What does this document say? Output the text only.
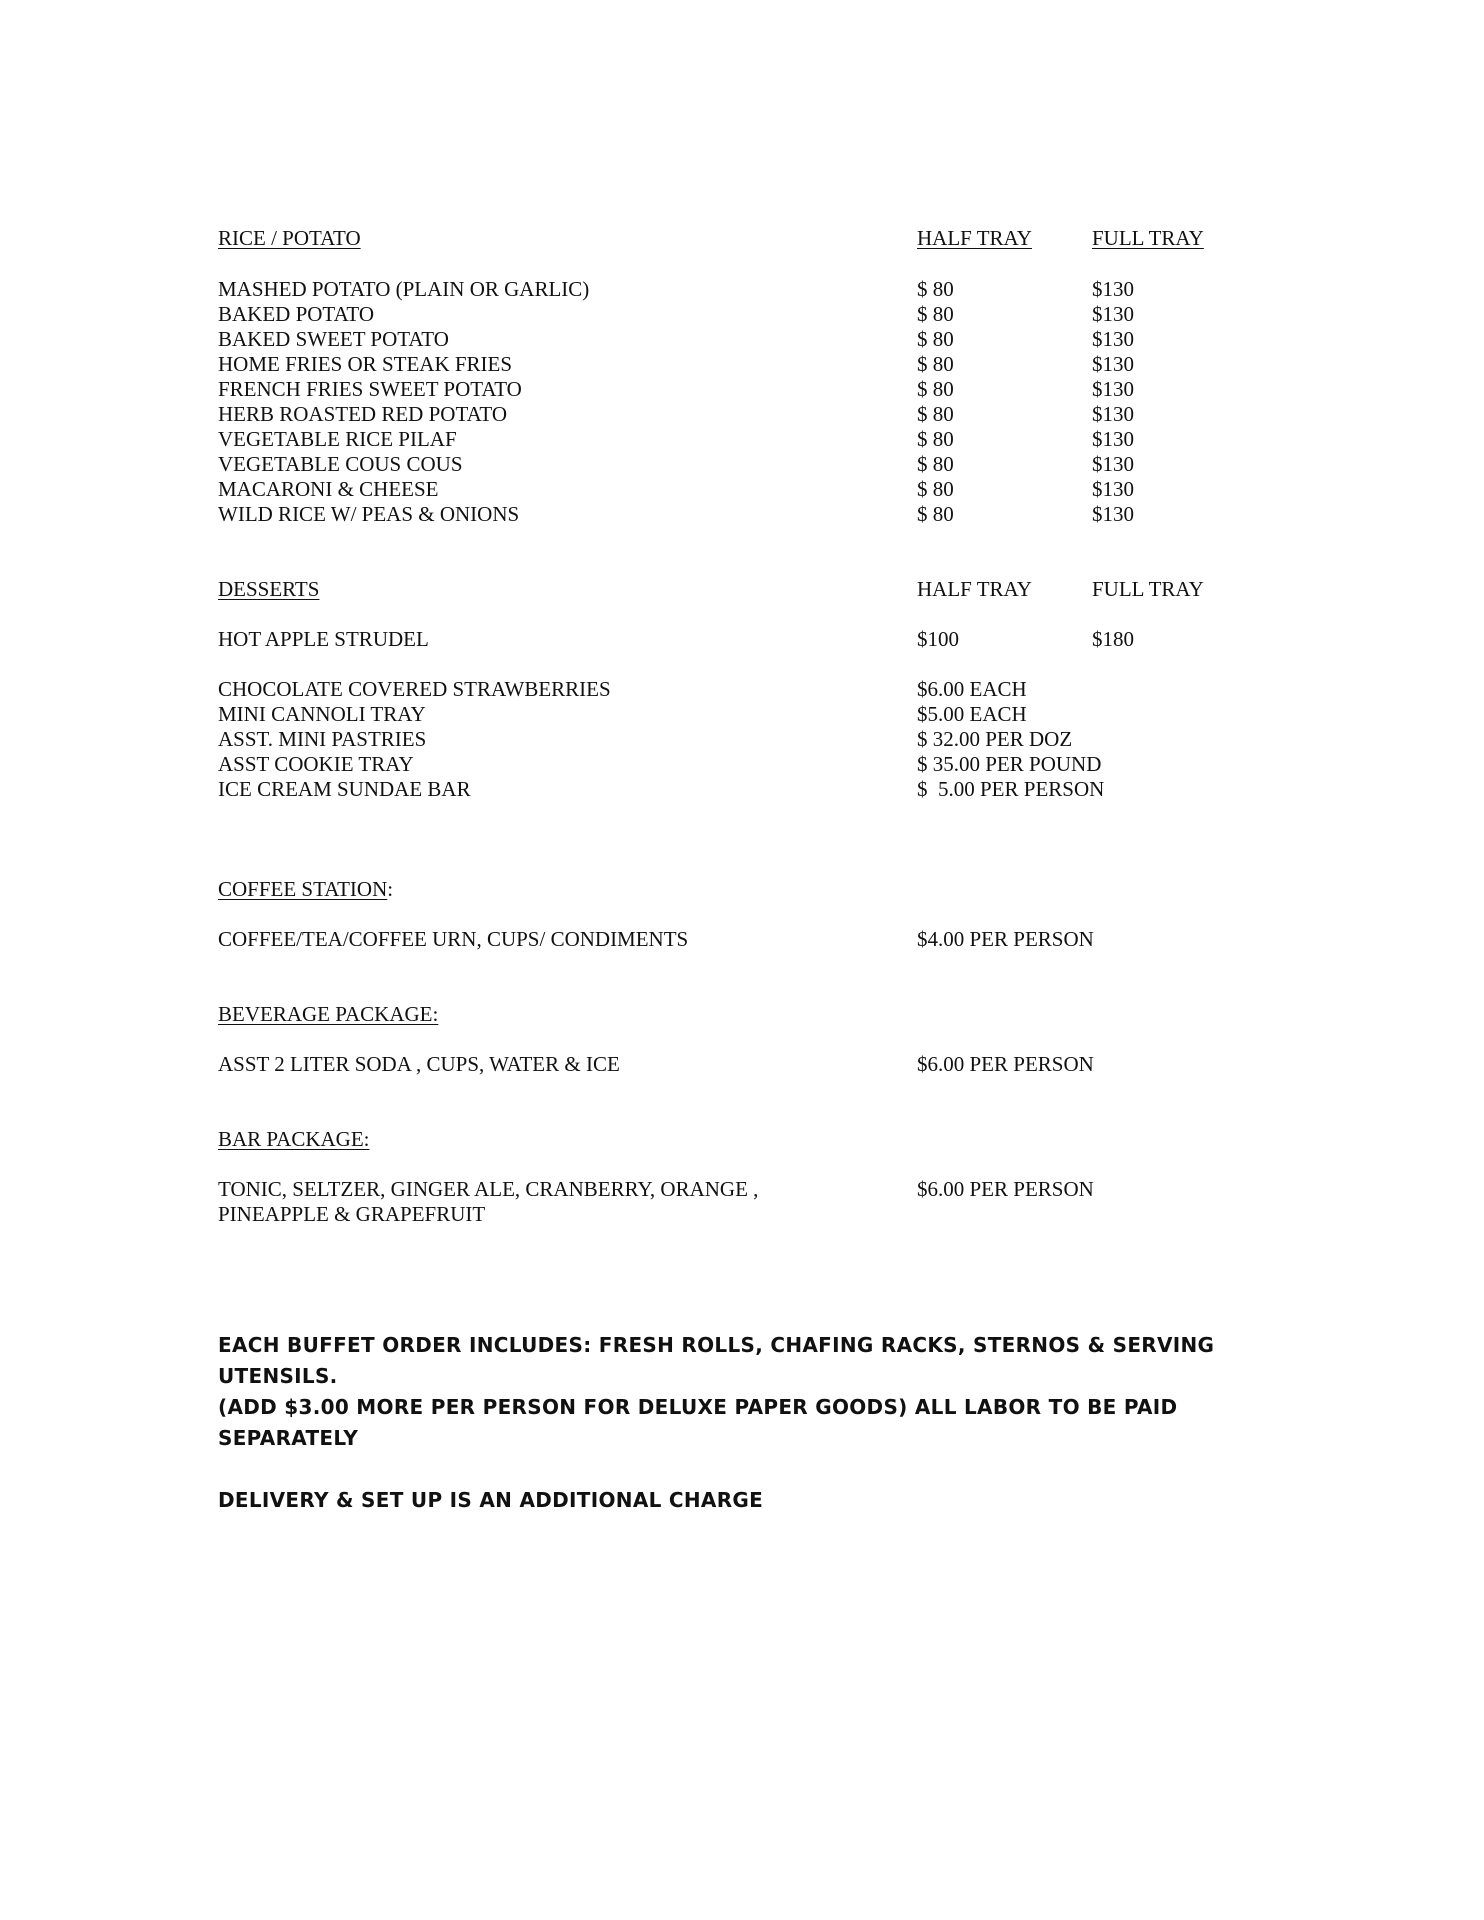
RICE / POTATO	HALF TRAY	FULL TRAY
MASHED POTATO (PLAIN OR GARLIC)	$ 80	$130
BAKED POTATO	$ 80	$130
BAKED SWEET POTATO	$ 80	$130
HOME FRIES OR STEAK FRIES	$ 80	$130
FRENCH FRIES SWEET POTATO	$ 80	$130
HERB ROASTED RED POTATO	$ 80	$130
VEGETABLE RICE PILAF	$ 80	$130
VEGETABLE COUS COUS	$ 80	$130
MACARONI & CHEESE	$ 80	$130
WILD RICE W/ PEAS & ONIONS	$ 80	$130
DESSERTS	HALF TRAY	FULL TRAY
HOT APPLE STRUDEL	$100	$180
CHOCOLATE COVERED STRAWBERRIES	$6.00 EACH
MINI CANNOLI TRAY	$5.00 EACH
ASST. MINI PASTRIES	$ 32.00 PER DOZ
ASST COOKIE TRAY	$ 35.00 PER POUND
ICE CREAM SUNDAE BAR	$  5.00 PER PERSON
COFFEE STATION:
COFFEE/TEA/COFFEE URN, CUPS/ CONDIMENTS	$4.00 PER PERSON
BEVERAGE PACKAGE:
ASST 2 LITER SODA , CUPS, WATER & ICE	$6.00 PER PERSON
BAR PACKAGE:
TONIC, SELTZER, GINGER ALE, CRANBERRY, ORANGE ,	$6.00 PER PERSON
PINEAPPLE & GRAPEFRUIT

EACH BUFFET ORDER INCLUDES: FRESH ROLLS, CHAFING RACKS, STERNOS & SERVING UTENSILS.

(ADD $3.00 MORE PER PERSON FOR DELUXE PAPER GOODS) ALL LABOR TO BE PAID SEPARATELY

DELIVERY & SET UP IS AN ADDITIONAL CHARGE
